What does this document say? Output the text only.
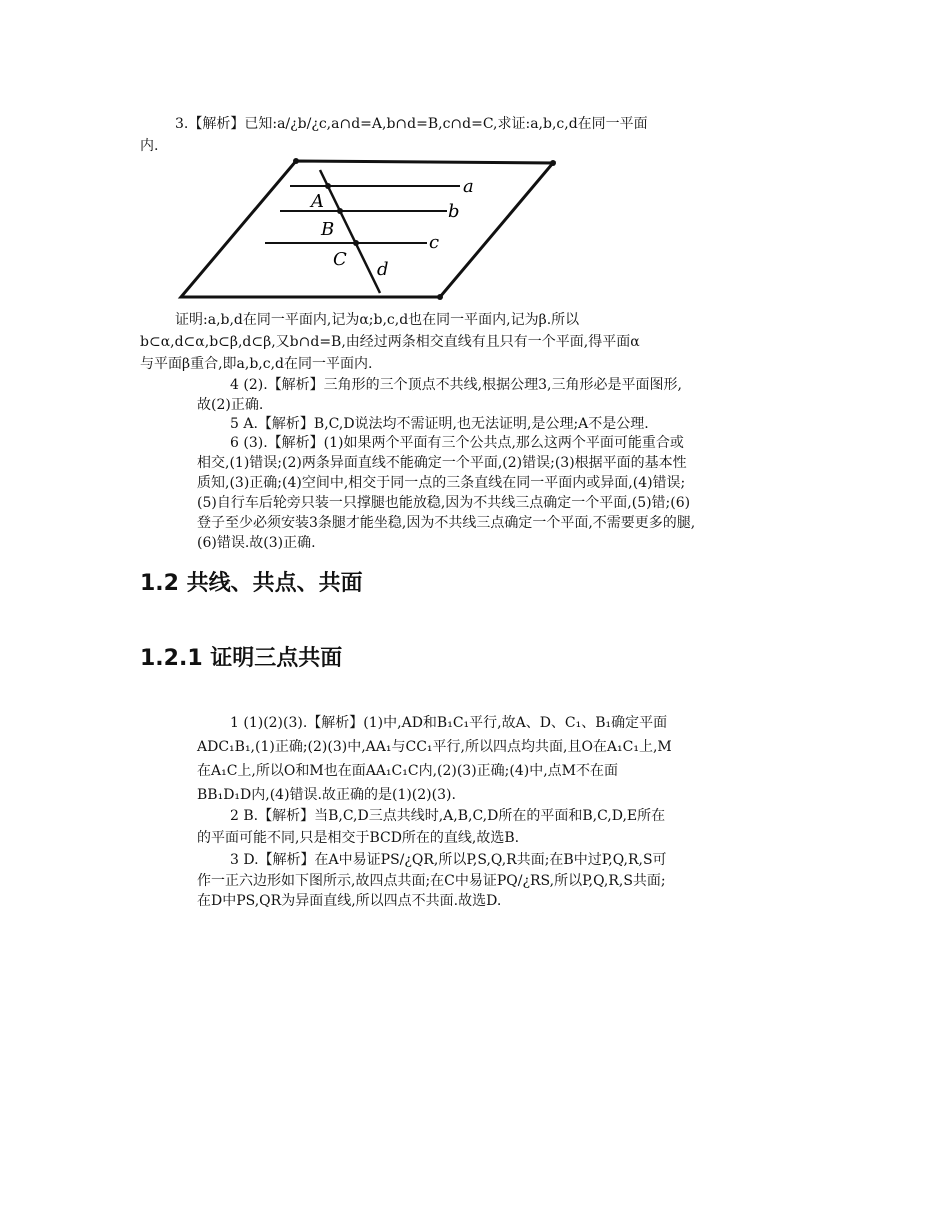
3.【解析】已知:a/¿b/¿c,a∩d=A,b∩d=B,c∩d=C,求证:a,b,c,d在同一平面

内.

a
b
c
d
A
B
C

证明:a,b,d在同一平面内,记为α;b,c,d也在同一平面内,记为β.所以

b⊂α,d⊂α,b⊂β,d⊂β,又b∩d=B,由经过两条相交直线有且只有一个平面,得平面α

与平面β重合,即a,b,c,d在同一平面内.

4 (2).【解析】三角形的三个顶点不共线,根据公理3,三角形必是平面图形,

故(2)正确.

5 A.【解析】B,C,D说法均不需证明,也无法证明,是公理;A不是公理.

6 (3).【解析】(1)如果两个平面有三个公共点,那么这两个平面可能重合或

相交,(1)错误;(2)两条异面直线不能确定一个平面,(2)错误;(3)根据平面的基本性

质知,(3)正确;(4)空间中,相交于同一点的三条直线在同一平面内或异面,(4)错误;

(5)自行车后轮旁只装一只撑腿也能放稳,因为不共线三点确定一个平面,(5)错;(6)

登子至少必须安装3条腿才能坐稳,因为不共线三点确定一个平面,不需要更多的腿,

(6)错误.故(3)正确.

1.2 共线、共点、共面
1.2.1 证明三点共面

1 (1)(2)(3).【解析】(1)中,AD和B₁C₁平行,故A、D、C₁、B₁确定平面

ADC₁B₁,(1)正确;(2)(3)中,AA₁与CC₁平行,所以四点均共面,且O在A₁C₁上,M

在A₁C上,所以O和M也在面AA₁C₁C内,(2)(3)正确;(4)中,点M不在面

BB₁D₁D内,(4)错误.故正确的是(1)(2)(3).

2 B.【解析】当B,C,D三点共线时,A,B,C,D所在的平面和B,C,D,E所在

的平面可能不同,只是相交于BCD所在的直线,故选B.

3 D.【解析】在A中易证PS/¿QR,所以P,S,Q,R共面;在B中过P,Q,R,S可

作一正六边形如下图所示,故四点共面;在C中易证PQ/¿RS,所以P,Q,R,S共面;

在D中PS,QR为异面直线,所以四点不共面.故选D.
